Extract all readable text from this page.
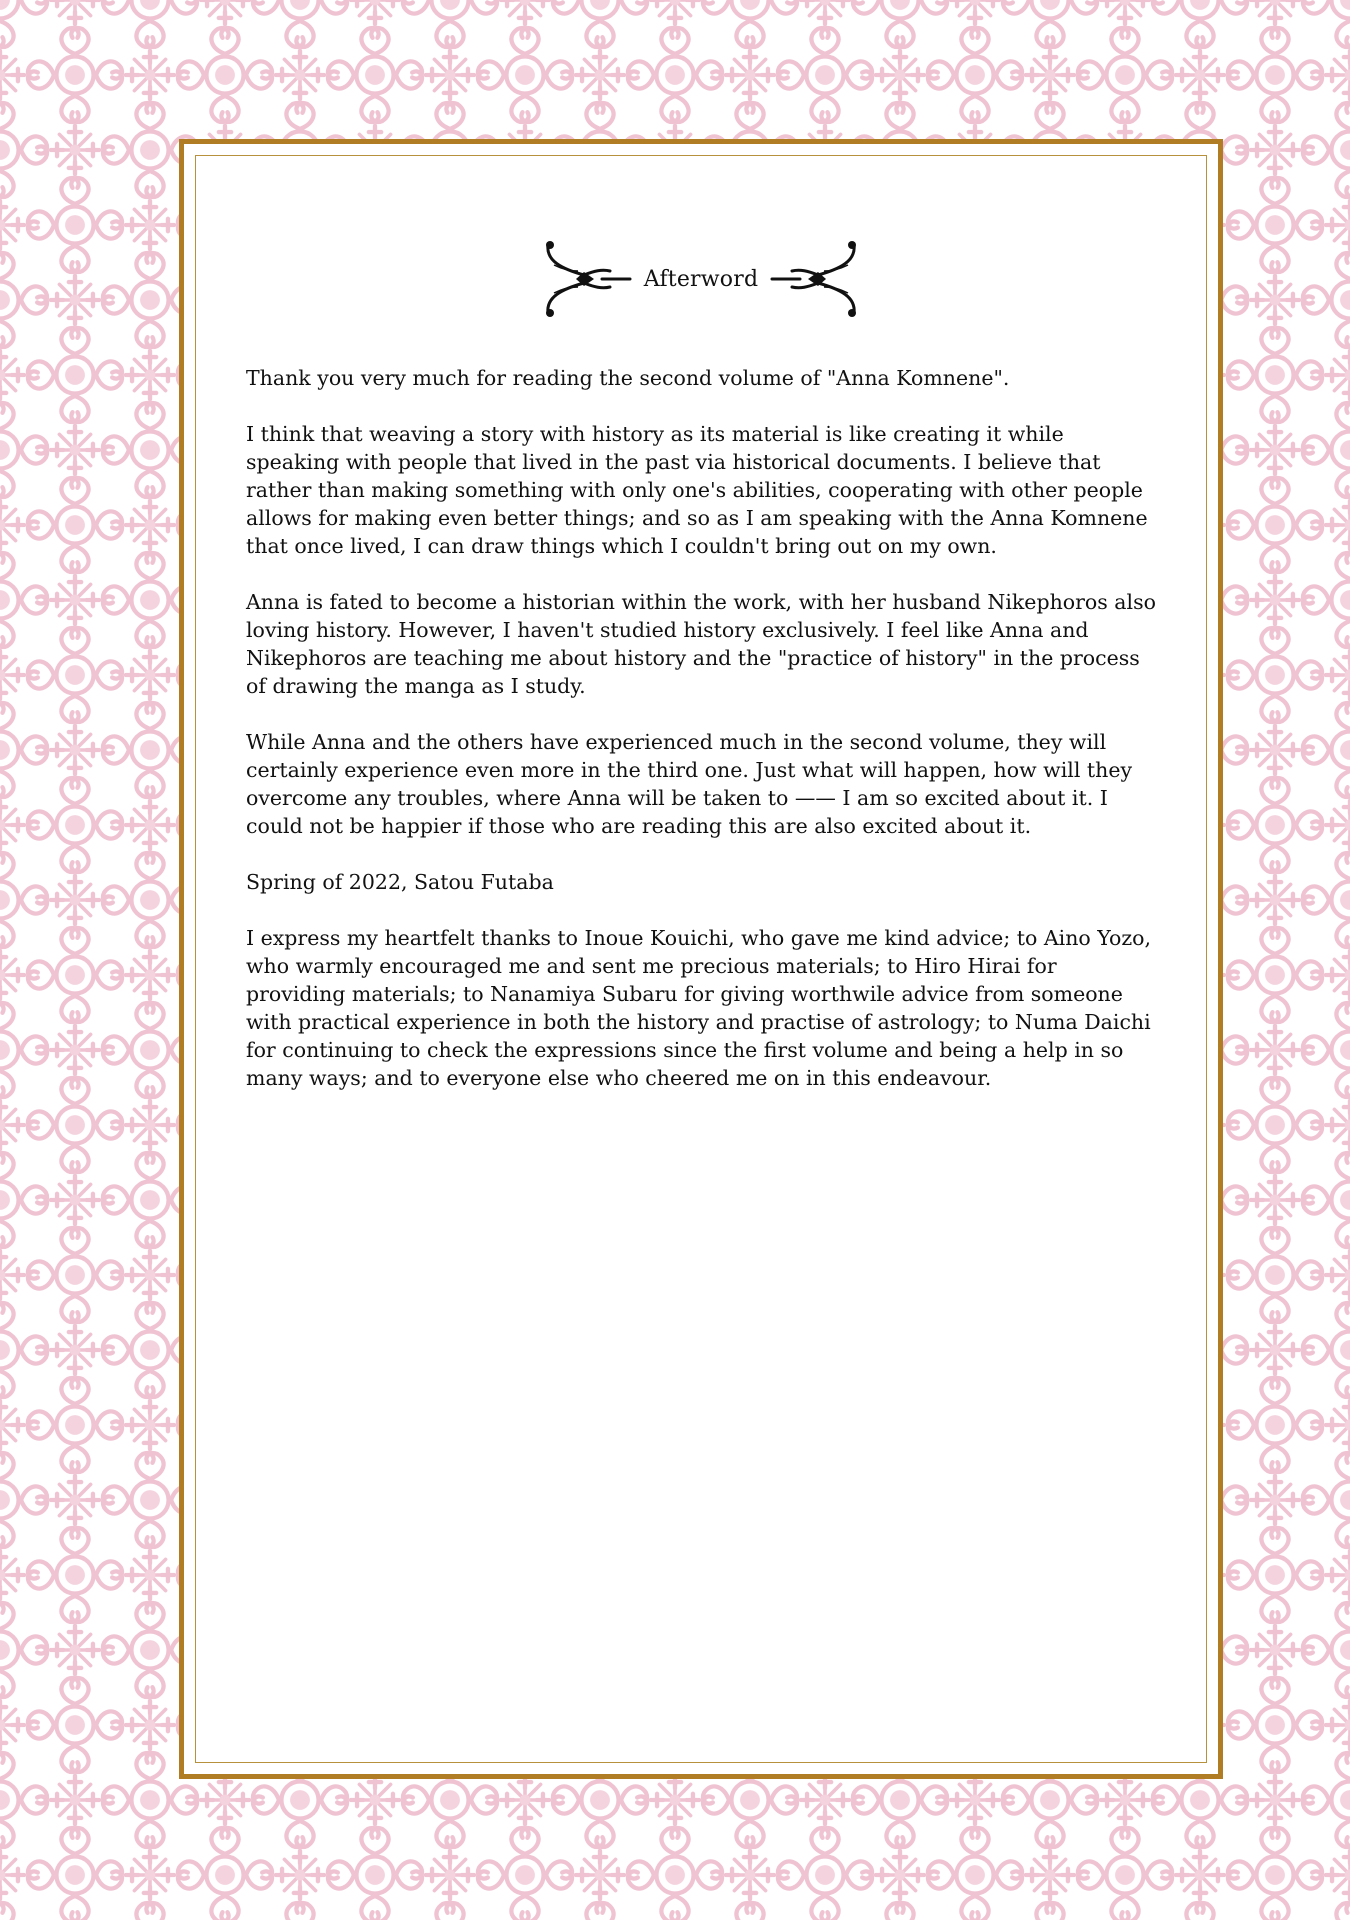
Afterword

Thank you very much for reading the second volume of "Anna Komnene".

I think that weaving a story with history as its material is like creating it while speaking with people that lived in the past via historical documents. I believe that rather than making something with only one's abilities, cooperating with other people allows for making even better things; and so as I am speaking with the Anna Komnene that once lived, I can draw things which I couldn't bring out on my own.

Anna is fated to become a historian within the work, with her husband Nikephoros also loving history. However, I haven't studied history exclusively. I feel like Anna and Nikephoros are teaching me about history and the "practice of history" in the process of drawing the manga as I study.

While Anna and the others have experienced much in the second volume, they will certainly experience even more in the third one. Just what will happen, how will they overcome any troubles, where Anna will be taken to —— I am so excited about it. I could not be happier if those who are reading this are also excited about it.

Spring of 2022, Satou Futaba

I express my heartfelt thanks to Inoue Kouichi, who gave me kind advice; to Aino Yozo, who warmly encouraged me and sent me precious materials; to Hiro Hirai for providing materials; to Nanamiya Subaru for giving worthwile advice from someone with practical experience in both the history and practise of astrology; to Numa Daichi for continuing to check the expressions since the first volume and being a help in so many ways; and to everyone else who cheered me on in this endeavour.
